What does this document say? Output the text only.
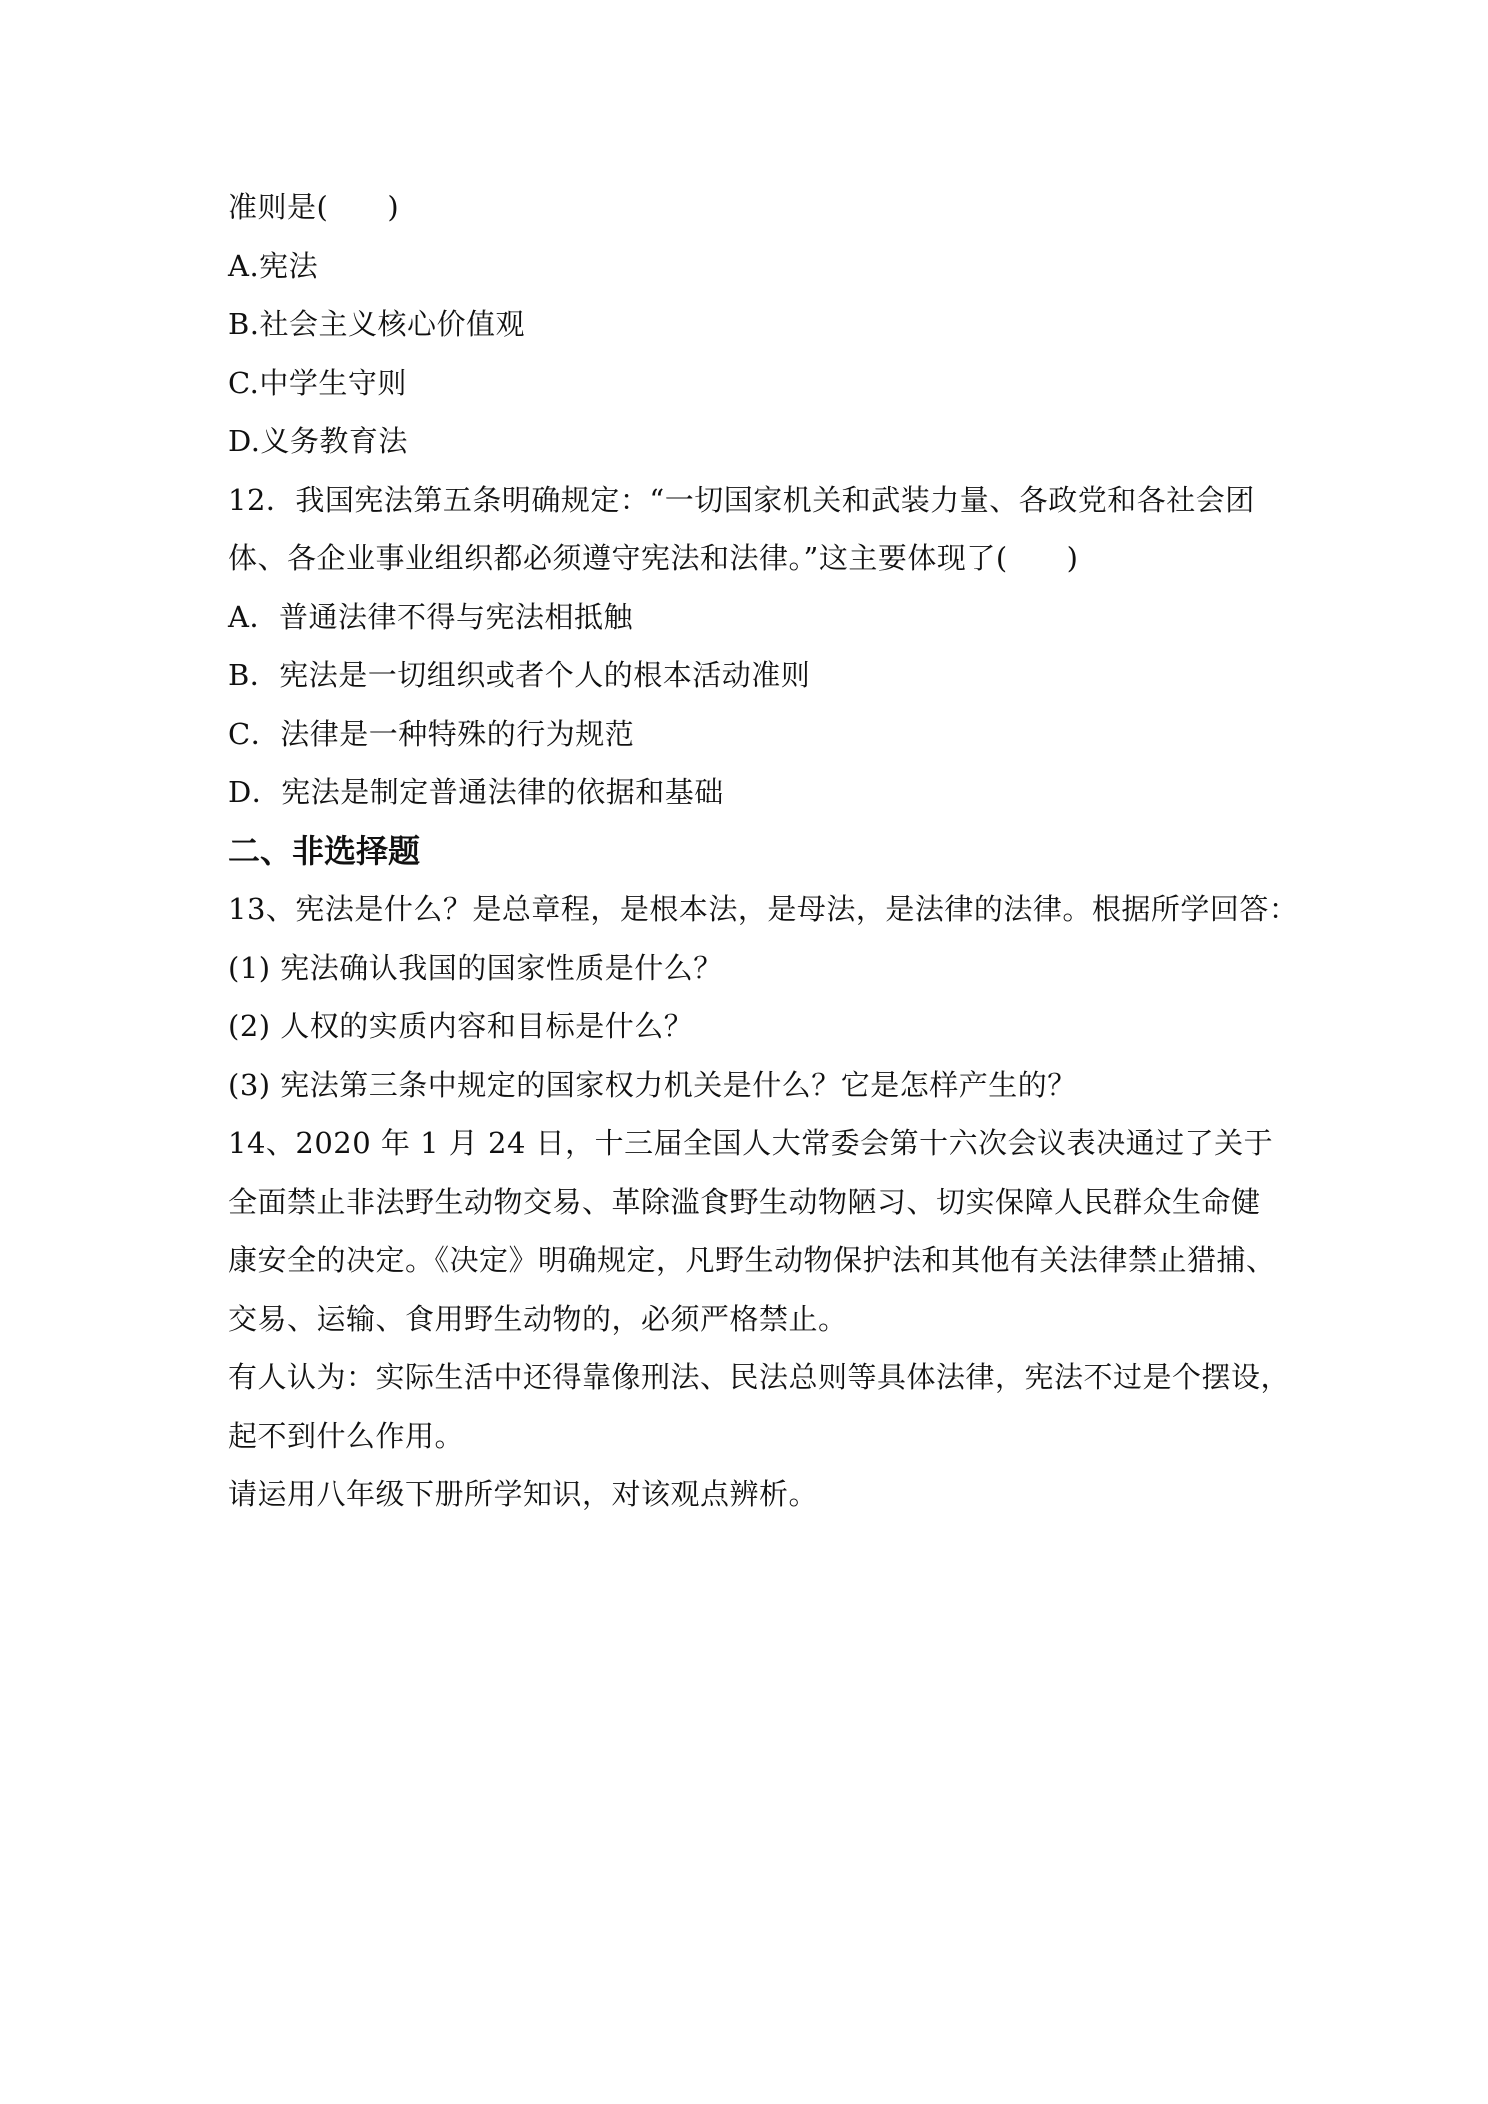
准则是(　　)
A.宪法
B.社会主义核心价值观
C.中学生守则
D.义务教育法
12．我国宪法第五条明确规定：“一切国家机关和武装力量、各政党和各社会团
体、各企业事业组织都必须遵守宪法和法律。”这主要体现了(　　)
A．普通法律不得与宪法相抵触
B．宪法是一切组织或者个人的根本活动准则
C．法律是一种特殊的行为规范
D．宪法是制定普通法律的依据和基础
二、非选择题
13、宪法是什么？是总章程，是根本法，是母法，是法律的法律。根据所学回答：
(1) 宪法确认我国的国家性质是什么？
(2) 人权的实质内容和目标是什么？
(3) 宪法第三条中规定的国家权力机关是什么？它是怎样产生的？
14、2020 年 1 月 24 日，十三届全国人大常委会第十六次会议表决通过了关于
全面禁止非法野生动物交易、革除滥食野生动物陋习、切实保障人民群众生命健
康安全的决定。《决定》明确规定，凡野生动物保护法和其他有关法律禁止猎捕、
交易、运输、食用野生动物的，必须严格禁止。
有人认为：实际生活中还得靠像刑法、民法总则等具体法律，宪法不过是个摆设，
起不到什么作用。
请运用八年级下册所学知识，对该观点辨析。
